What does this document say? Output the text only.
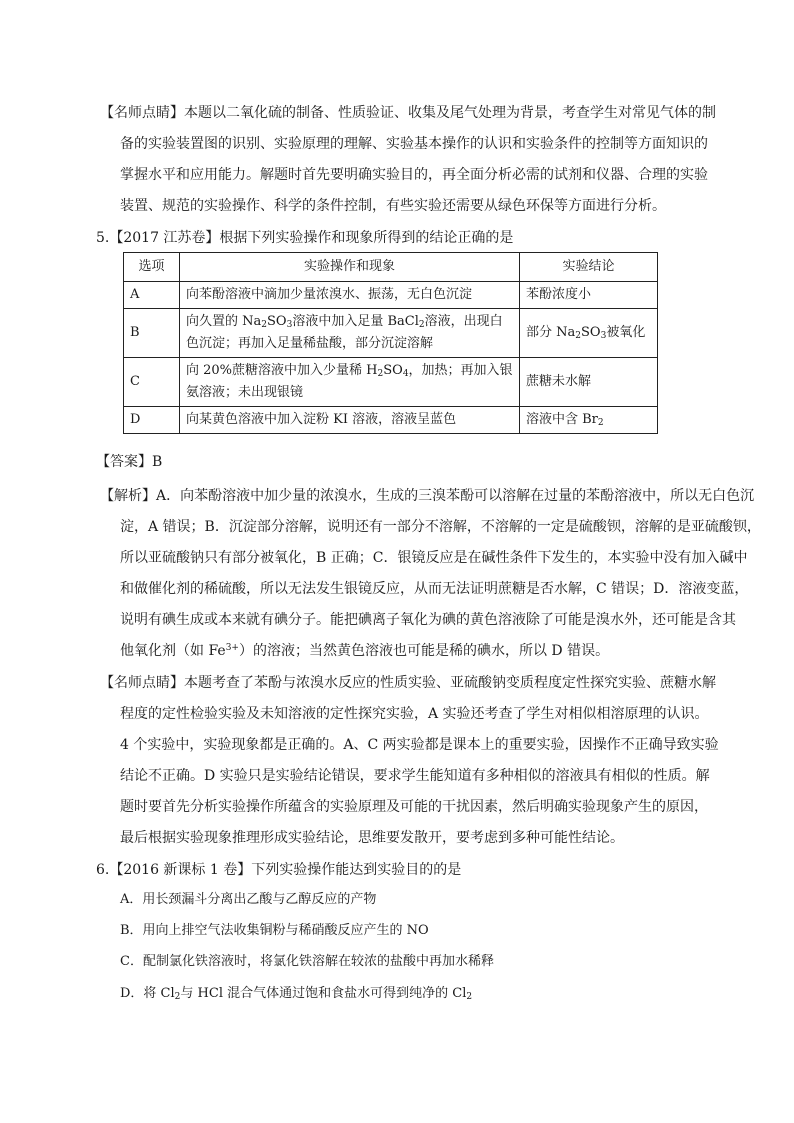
【名师点睛】本题以二氧化硫的制备、性质验证、收集及尾气处理为背景，考查学生对常见气体的制
备的实验装置图的识别、实验原理的理解、实验基本操作的认识和实验条件的控制等方面知识的
掌握水平和应用能力。解题时首先要明确实验目的，再全面分析必需的试剂和仪器、合理的实验
装置、规范的实验操作、科学的条件控制，有些实验还需要从绿色环保等方面进行分析。
5.【2017 江苏卷】根据下列实验操作和现象所得到的结论正确的是
选项	实验操作和现象	实验结论
A	向苯酚溶液中滴加少量浓溴水、振荡，无白色沉淀	苯酚浓度小
B	向久置的 $Na_2SO_3$溶液中加入足量 BaCl$_2$溶液，出现白色沉淀；再加入足量稀盐酸，部分沉淀溶解	部分 $Na_2SO_3$被氧化
C	向 20%蔗糖溶液中加入少量稀 $H_2SO_4$，加热；再加入银氨溶液；未出现银镜	蔗糖未水解
D	向某黄色溶液中加入淀粉 KI 溶液，溶液呈蓝色	溶液中含 $Br_2$
【答案】B
【解析】A．向苯酚溶液中加少量的浓溴水，生成的三溴苯酚可以溶解在过量的苯酚溶液中，所以无白色沉
淀，A 错误；B．沉淀部分溶解，说明还有一部分不溶解，不溶解的一定是硫酸钡，溶解的是亚硫酸钡，
所以亚硫酸钠只有部分被氧化，B 正确；C．银镜反应是在碱性条件下发生的，本实验中没有加入碱中
和做催化剂的稀硫酸，所以无法发生银镜反应，从而无法证明蔗糖是否水解，C 错误；D．溶液变蓝，
说明有碘生成或本来就有碘分子。能把碘离子氧化为碘的黄色溶液除了可能是溴水外，还可能是含其
他氧化剂（如 $Fe^{3+}$）的溶液；当然黄色溶液也可能是稀的碘水，所以 D 错误。
【名师点睛】本题考查了苯酚与浓溴水反应的性质实验、亚硫酸钠变质程度定性探究实验、蔗糖水解
程度的定性检验实验及未知溶液的定性探究实验，A 实验还考查了学生对相似相溶原理的认识。
4 个实验中，实验现象都是正确的。A、C 两实验都是课本上的重要实验，因操作不正确导致实验
结论不正确。D 实验只是实验结论错误，要求学生能知道有多种相似的溶液具有相似的性质。解
题时要首先分析实验操作所蕴含的实验原理及可能的干扰因素，然后明确实验现象产生的原因，
最后根据实验现象推理形成实验结论，思维要发散开，要考虑到多种可能性结论。
6.【2016 新课标 1 卷】下列实验操作能达到实验目的的是
A．用长颈漏斗分离出乙酸与乙醇反应的产物
B．用向上排空气法收集铜粉与稀硝酸反应产生的 NO
C．配制氯化铁溶液时，将氯化铁溶解在较浓的盐酸中再加水稀释
D．将 $Cl_2$与 HCl 混合气体通过饱和食盐水可得到纯净的 $Cl_2$
